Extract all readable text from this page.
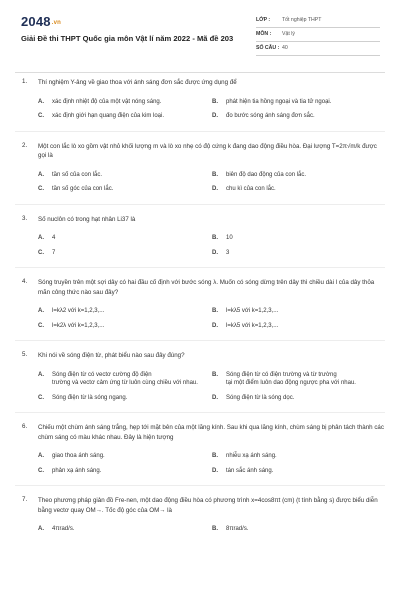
2048.vn
Giải Đề thi THPT Quốc gia môn Vật lí năm 2022 - Mã đề 203
LỚP : Tốt nghiệp THPT
MÔN : Vật lý
SỐ CÂU : 40
1. Thí nghiệm Y-âng về giao thoa với ánh sáng đơn sắc được ứng dụng để
A. xác định nhiệt độ của một vật nóng sáng.	B. phát hiện tia hồng ngoại và tia tử ngoại.
C. xác định giới hạn quang điện của kim loại.	D. đo bước sóng ánh sáng đơn sắc.
2. Một con lắc lò xo gồm vật nhỏ khối lượng m và lò xo nhẹ có độ cứng k đang dao động điều hòa. Đại lượng T=2π√m/k được gọi là
A. tần số của con lắc.	B. biên độ dao động của con lắc.
C. tần số góc của con lắc.	D. chu kì của con lắc.
3. Số nuclôn có trong hạt nhân Li37 là
A. 4	B. 10
C. 7	D. 3
4. Sóng truyền trên một sợi dây có hai đầu cố định với bước sóng λ. Muốn có sóng dừng trên dây thì chiều dài l của dây thỏa mãn công thức nào sau đây?
A. l=kλ2 với k=1,2,3,...	B. l=kλ5 với k=1,2,3,...
C. l=k2λ với k=1,2,3,...	D. l=kλ5 với k=1,2,3,...
5. Khi nói về sóng điện từ, phát biểu nào sau đây đúng?
A. Sóng điện từ có vectơ cường độ điện
trường và vectơ cảm ứng từ luôn cùng chiều với nhau.
B. Sóng điện từ có điện trường và từ trường
tại một điểm luôn dao động ngược pha với nhau.
C. Sóng điện từ là sóng ngang.	D. Sóng điện từ là sóng dọc.
6. Chiếu một chùm ánh sáng trắng, hẹp tới mặt bên của một lăng kính. Sau khi qua lăng kính, chùm sáng bị phân tách thành các chùm sáng có màu khác nhau. Đây là hiện tượng
A. giao thoa ánh sáng.	B. nhiễu xạ ánh sáng.
C. phản xạ ánh sáng.	D. tán sắc ánh sáng.
7. Theo phương pháp giản đồ Fre-nen, một dao động điều hòa có phương trình x=4cos8πt (cm) (t tính bằng s) được biểu diễn bằng vectơ quay OM→. Tốc độ góc của OM→ là
A. 4πrad/s.	B. 8πrad/s.
